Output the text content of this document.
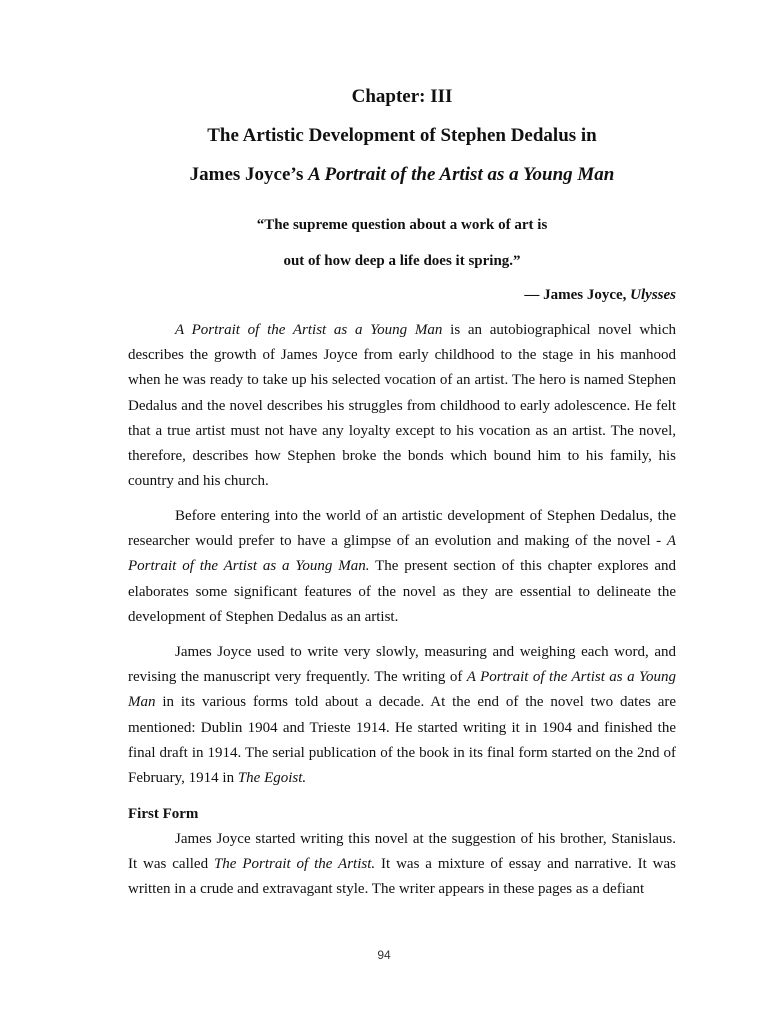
Chapter: III
The Artistic Development of Stephen Dedalus in
James Joyce’s A Portrait of the Artist as a Young Man
“The supreme question about a work of art is
out of how deep a life does it spring.”
— James Joyce, Ulysses

A Portrait of the Artist as a Young Man is an autobiographical novel which describes the growth of James Joyce from early childhood to the stage in his manhood when he was ready to take up his selected vocation of an artist. The hero is named Stephen Dedalus and the novel describes his struggles from childhood to early adolescence. He felt that a true artist must not have any loyalty except to his vocation as an artist. The novel, therefore, describes how Stephen broke the bonds which bound him to his family, his country and his church.

Before entering into the world of an artistic development of Stephen Dedalus, the researcher would prefer to have a glimpse of an evolution and making of the novel - A Portrait of the Artist as a Young Man. The present section of this chapter explores and elaborates some significant features of the novel as they are essential to delineate the development of Stephen Dedalus as an artist.

James Joyce used to write very slowly, measuring and weighing each word, and revising the manuscript very frequently. The writing of A Portrait of the Artist as a Young Man in its various forms told about a decade. At the end of the novel two dates are mentioned: Dublin 1904 and Trieste 1914. He started writing it in 1904 and finished the final draft in 1914. The serial publication of the book in its final form started on the 2nd of February, 1914 in The Egoist.

First Form

James Joyce started writing this novel at the suggestion of his brother, Stanislaus. It was called The Portrait of the Artist. It was a mixture of essay and narrative. It was written in a crude and extravagant style. The writer appears in these pages as a defiant

94
